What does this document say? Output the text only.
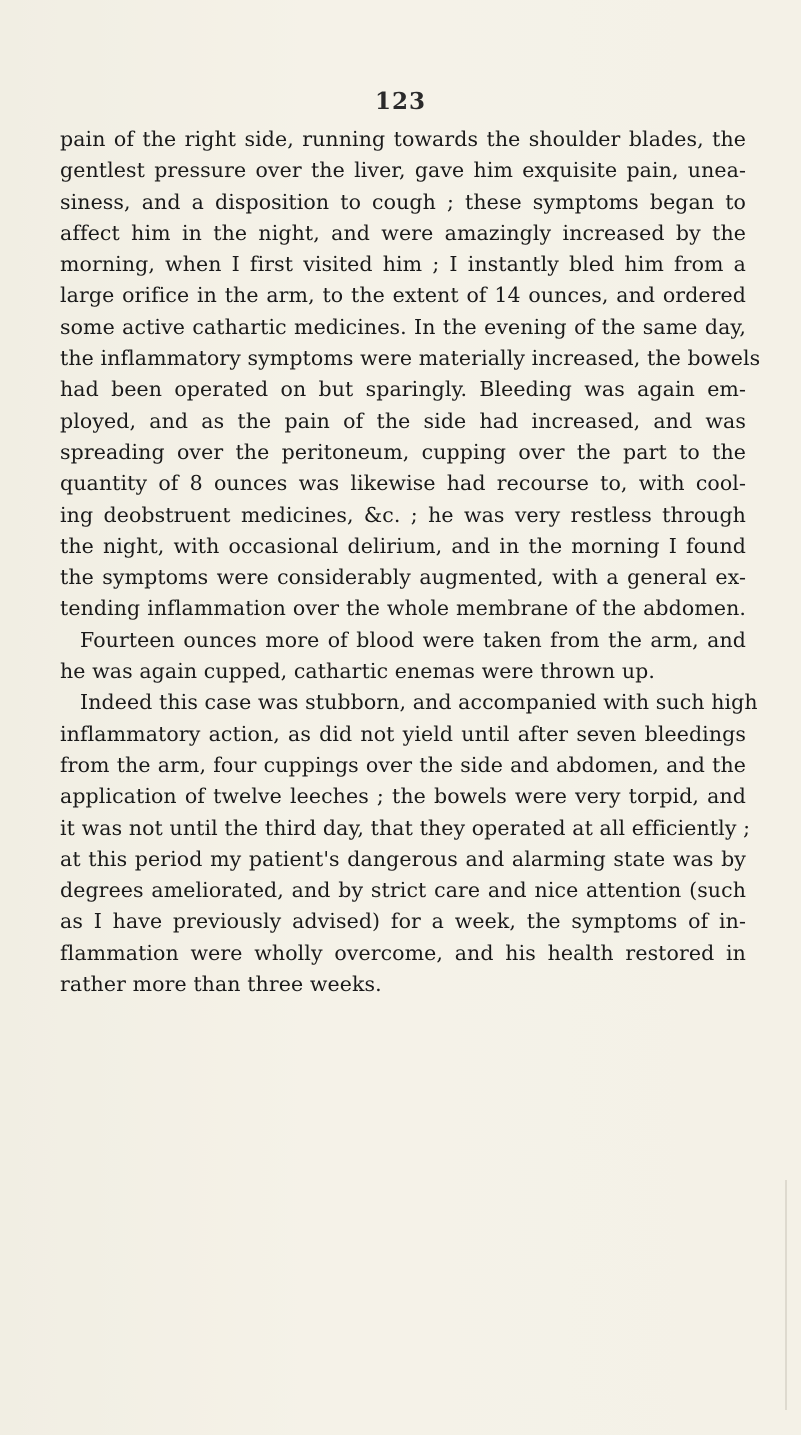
123
pain of the right side, running towards the shoulder blades, the
gentlest pressure over the liver, gave him exquisite pain, unea-
siness, and a disposition to cough ; these symptoms began to
affect him in the night, and were amazingly increased by the
morning, when I first visited him ; I instantly bled him from a
large orifice in the arm, to the extent of 14 ounces, and ordered
some active cathartic medicines. In the evening of the same day,
the inflammatory symptoms were materially increased, the bowels
had been operated on but sparingly. Bleeding was again em-
ployed, and as the pain of the side had increased, and was
spreading over the peritoneum, cupping over the part to the
quantity of 8 ounces was likewise had recourse to, with cool-
ing deobstruent medicines, &c. ; he was very restless through
the night, with occasional delirium, and in the morning I found
the symptoms were considerably augmented, with a general ex-
tending inflammation over the whole membrane of the abdomen.
Fourteen ounces more of blood were taken from the arm, and
he was again cupped, cathartic enemas were thrown up.
Indeed this case was stubborn, and accompanied with such high
inflammatory action, as did not yield until after seven bleedings
from the arm, four cuppings over the side and abdomen, and the
application of twelve leeches ; the bowels were very torpid, and
it was not until the third day, that they operated at all efficiently ;
at this period my patient's dangerous and alarming state was by
degrees ameliorated, and by strict care and nice attention (such
as I have previously advised) for a week, the symptoms of in-
flammation were wholly overcome, and his health restored in
rather more than three weeks.
